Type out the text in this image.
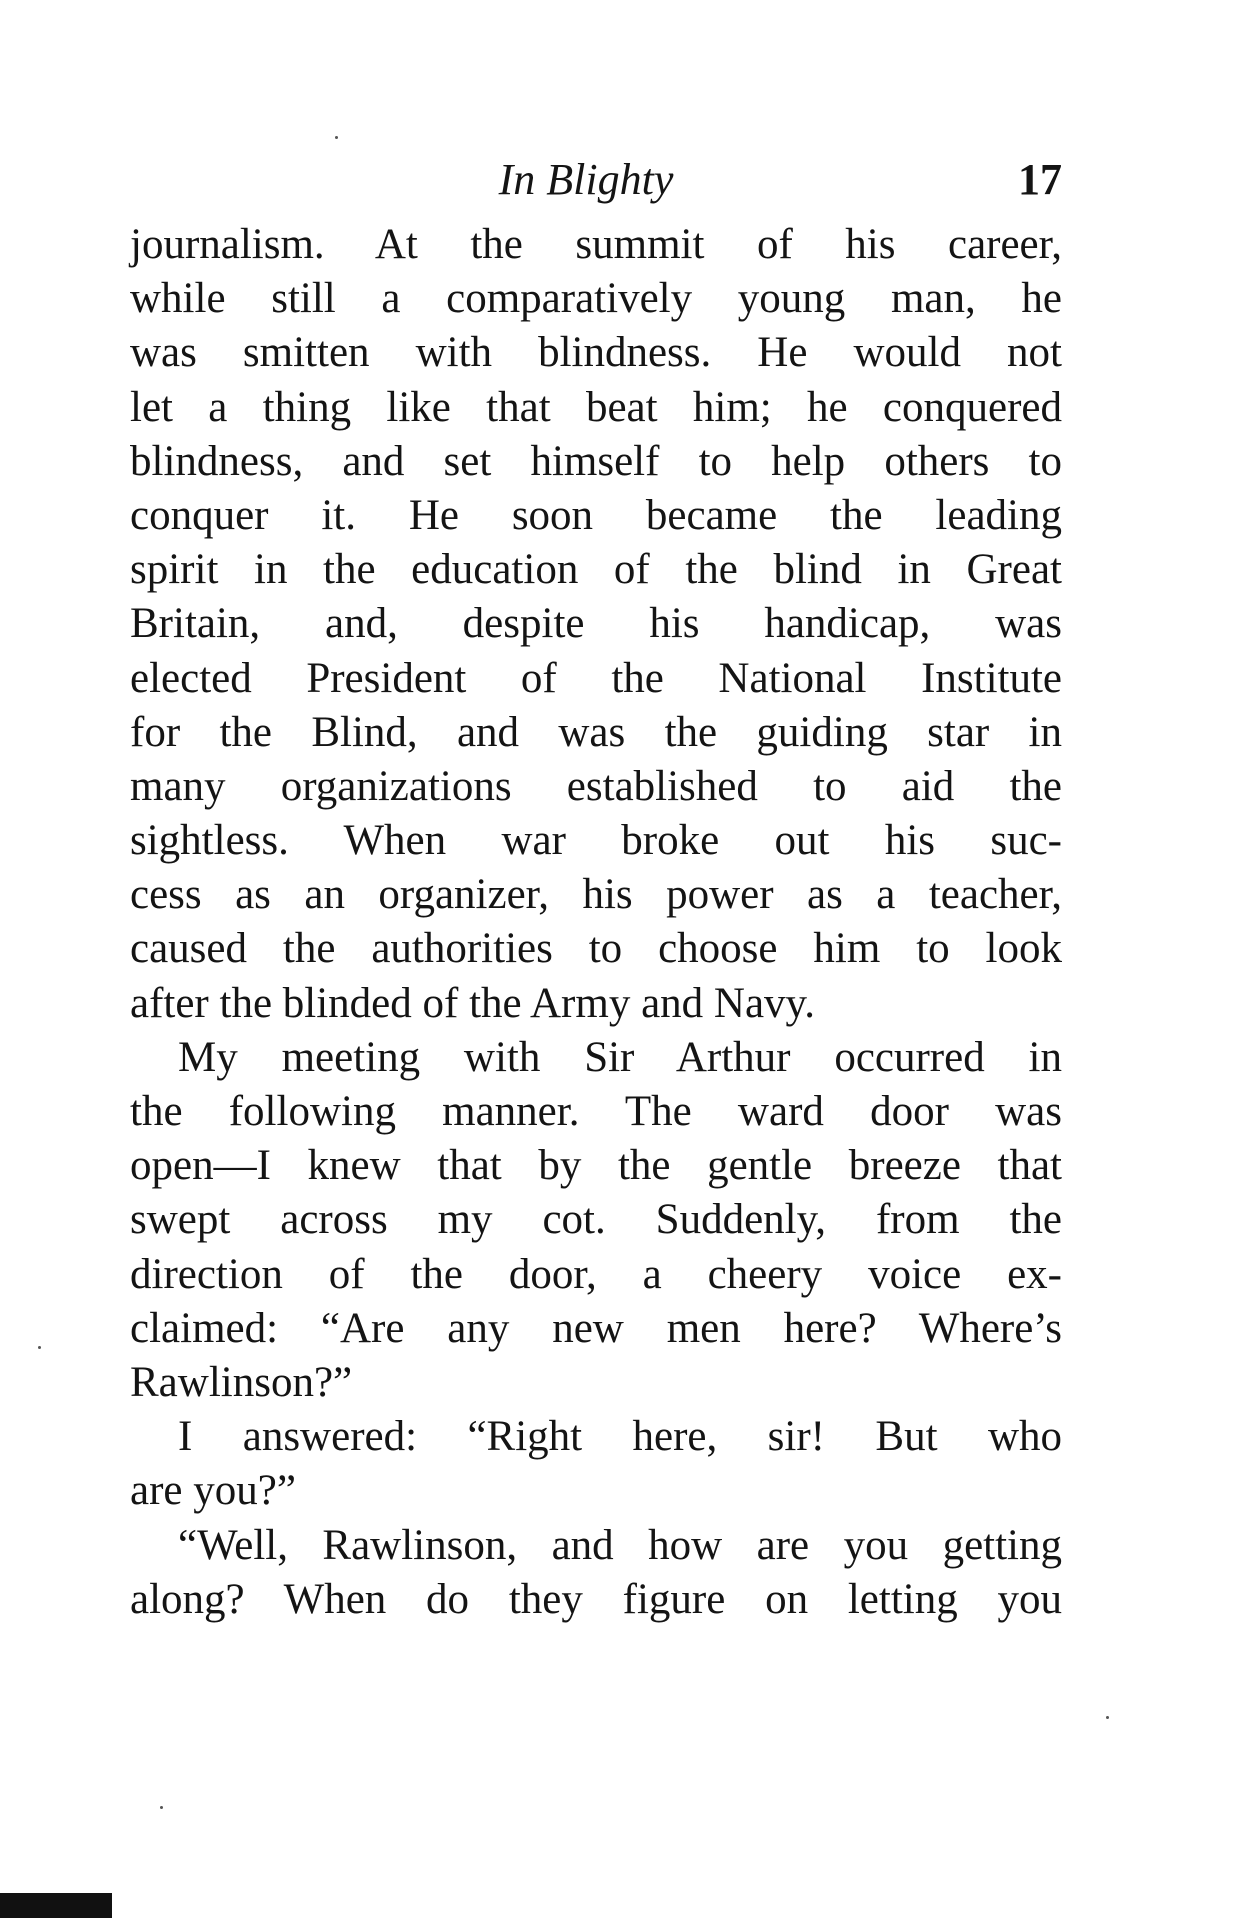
In Blighty	17
journalism. At the summit of his career,
while still a comparatively young man, he
was smitten with blindness. He would not
let a thing like that beat him; he conquered
blindness, and set himself to help others to
conquer it. He soon became the leading
spirit in the education of the blind in Great
Britain, and, despite his handicap, was
elected President of the National Institute
for the Blind, and was the guiding star in
many organizations established to aid the
sightless. When war broke out his suc-
cess as an organizer, his power as a teacher,
caused the authorities to choose him to look
after the blinded of the Army and Navy.
My meeting with Sir Arthur occurred in
the following manner. The ward door was
open—I knew that by the gentle breeze that
swept across my cot. Suddenly, from the
direction of the door, a cheery voice ex-
claimed: “Are any new men here? Where’s
Rawlinson?”
I answered: “Right here, sir! But who
are you?”
“Well, Rawlinson, and how are you getting
along? When do they figure on letting you
